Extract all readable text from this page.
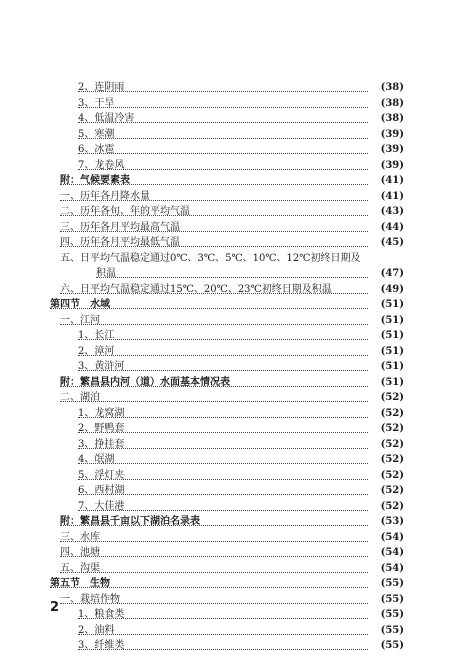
2、连阴雨	(38)
3、干旱	(38)
4、低温冷害	(38)
5、寒潮	(39)
6、冰雹	(39)
7、龙卷风	(39)
附：气候要素表	(41)
一、历年各月降水量	(41)
二、历年各旬、年的平均气温	(43)
三、历年各月平均最高气温	(44)
四、历年各月平均最低气温	(45)
五、日平均气温稳定通过0℃、3℃、5℃、10℃、12℃初终日期及
积温	(47)
六、日平均气温稳定通过15℃、20℃、23℃初终日期及积温	(49)
第四节　水域	(51)
一、江河	(51)
1、长江	(51)
2、漳河	(51)
3、黄浒河	(51)
附：繁昌县内河（道）水面基本情况表	(51)
二、湖泊	(52)
1、龙窝湖	(52)
2、野鸭套	(52)
3、挣挂套	(52)
4、氓湖	(52)
5、浮灯夹	(52)
6、西村湖	(52)
7、大佳港	(52)
附：繁昌县千亩以下湖泊名录表	(53)
三、水库	(54)
四、池塘	(54)
五、沟渠	(54)
第五节　生物	(55)
一、栽培作物	(55)
1、粮食类	(55)
2、油料	(55)
3、纤维类	(55)
2
